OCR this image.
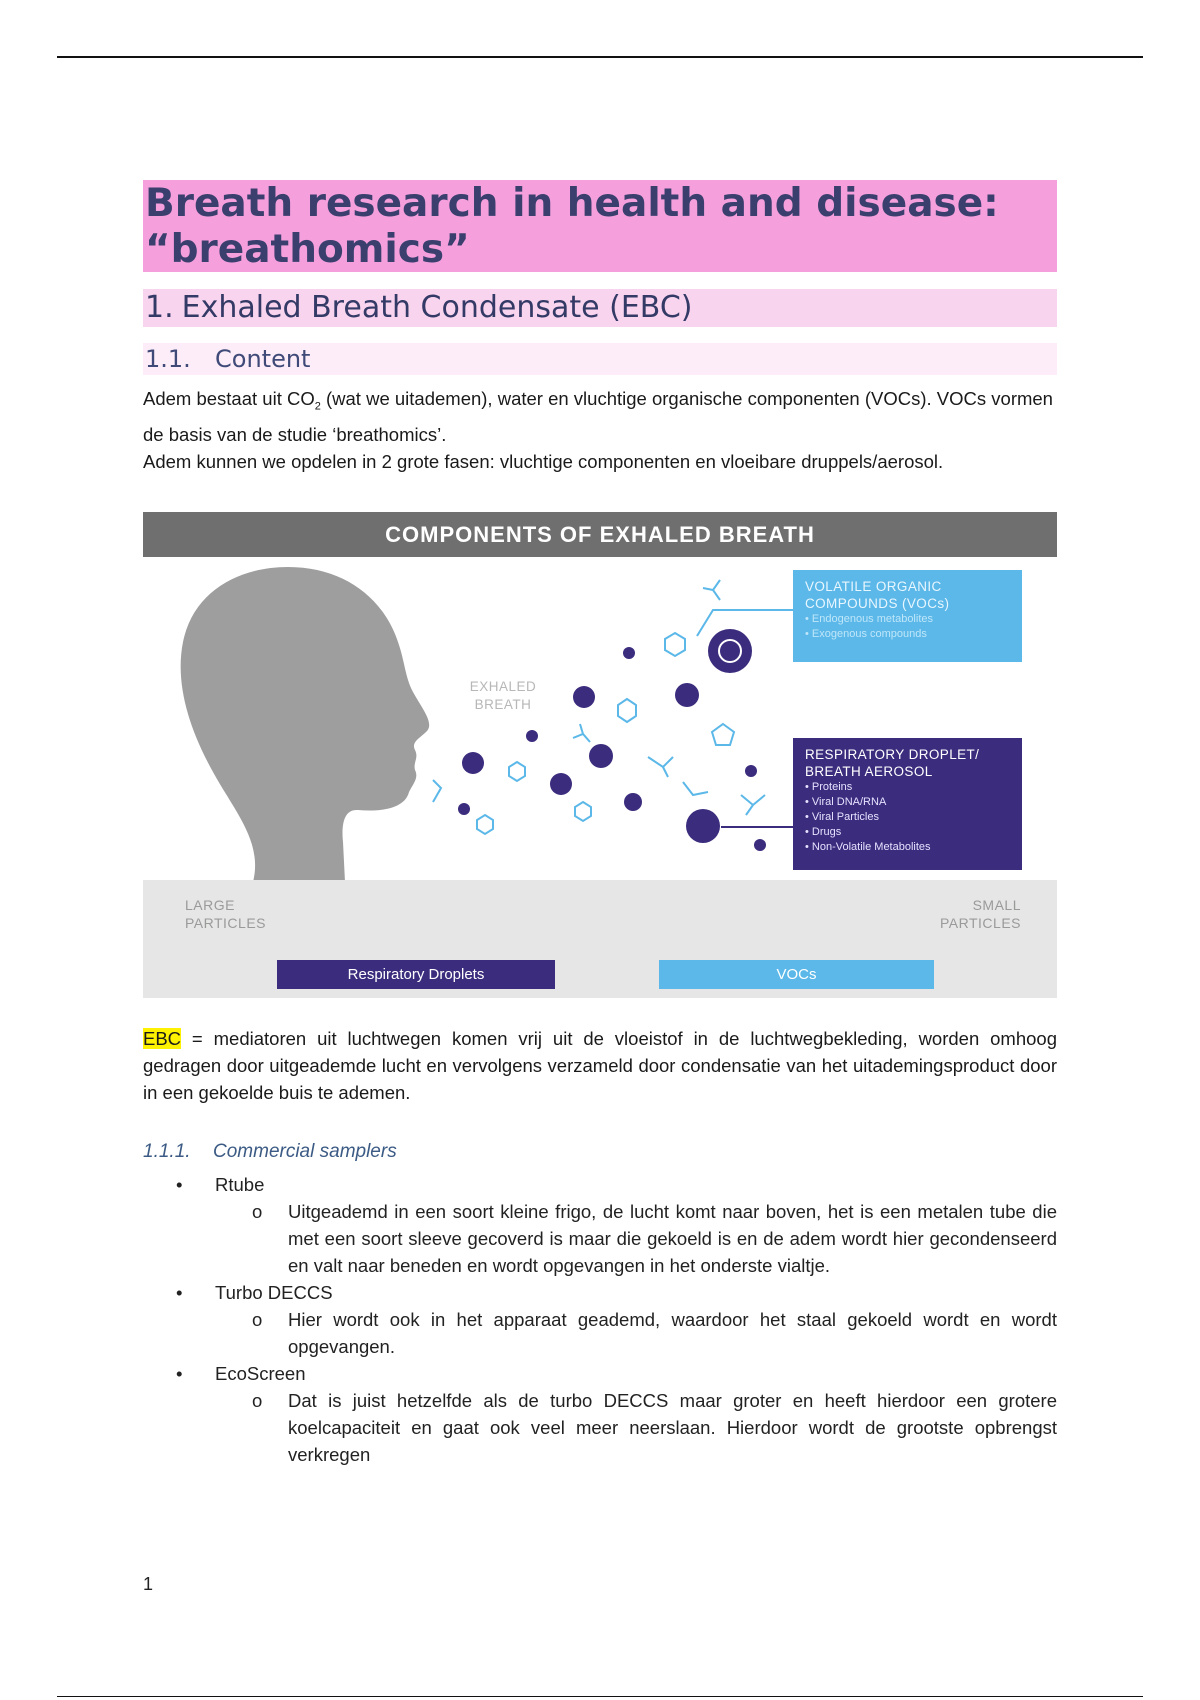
Breath research in health and disease: “breathomics”
1. Exhaled Breath Condensate (EBC)
1.1. Content

Adem bestaat uit $CO_2$ (wat we uitademen), water en vluchtige organische componenten (VOCs). VOCs vormen de basis van de studie ‘breathomics’.
Adem kunnen we opdelen in 2 grote fasen: vluchtige componenten en vloeibare druppels/aerosol.

COMPONENTS OF EXHALED BREATH
EXHALED
BREATH
VOLATILE ORGANIC
COMPOUNDS (VOCs)
• Endogenous metabolites
• Exogenous compounds
RESPIRATORY DROPLET/
BREATH AEROSOL
• Proteins
• Viral DNA/RNA
• Viral Particles
• Drugs
• Non-Volatile Metabolites
LARGE
PARTICLES
SMALL
PARTICLES
Respiratory Droplets	VOCs

EBC = mediatoren uit luchtwegen komen vrij uit de vloeistof in de luchtwegbekleding, worden omhoog gedragen door uitgeademde lucht en vervolgens verzameld door condensatie van het uitademingsproduct door in een gekoelde buis te ademen.

1.1.1. Commercial samplers
• Rtube
o Uitgeademd in een soort kleine frigo, de lucht komt naar boven, het is een metalen tube die met een soort sleeve gecoverd is maar die gekoeld is en de adem wordt hier gecondenseerd en valt naar beneden en wordt opgevangen in het onderste vialtje.
• Turbo DECCS
o Hier wordt ook in het apparaat geademd, waardoor het staal gekoeld wordt en wordt opgevangen.
• EcoScreen
o Dat is juist hetzelfde als de turbo DECCS maar groter en heeft hierdoor een grotere koelcapaciteit en gaat ook veel meer neerslaan. Hierdoor wordt de grootste opbrengst verkregen
1
